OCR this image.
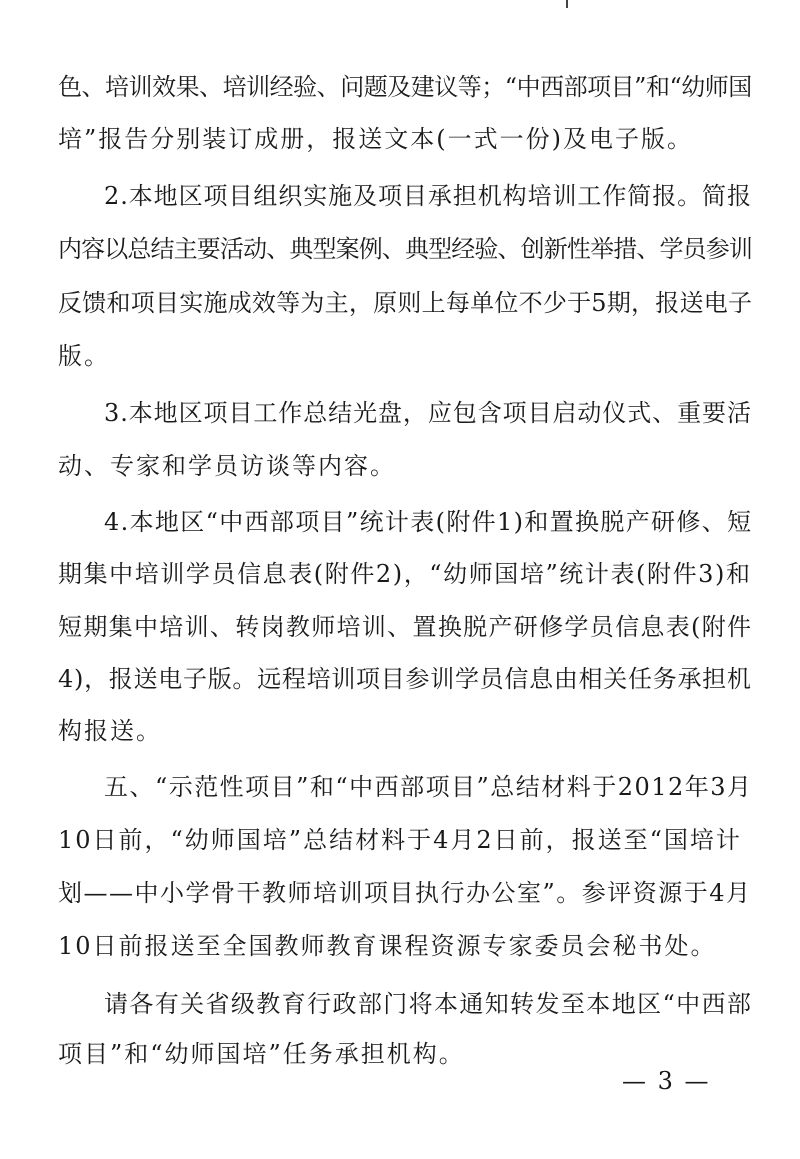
色、培训效果、培训经验、问题及建议等；“中西部项目”和“幼师国
培”报告分别装订成册，报送文本(一式一份)及电子版。
2.本地区项目组织实施及项目承担机构培训工作简报。简报
内容以总结主要活动、典型案例、典型经验、创新性举措、学员参训
反馈和项目实施成效等为主，原则上每单位不少于5期，报送电子
版。
3.本地区项目工作总结光盘，应包含项目启动仪式、重要活
动、专家和学员访谈等内容。
4.本地区“中西部项目”统计表(附件1)和置换脱产研修、短
期集中培训学员信息表(附件2)，“幼师国培”统计表(附件3)和
短期集中培训、转岗教师培训、置换脱产研修学员信息表(附件
4)，报送电子版。远程培训项目参训学员信息由相关任务承担机
构报送。
五、“示范性项目”和“中西部项目”总结材料于2012年3月
10日前，“幼师国培”总结材料于4月2日前，报送至“国培计
划——中小学骨干教师培训项目执行办公室”。参评资源于4月
10日前报送至全国教师教育课程资源专家委员会秘书处。
请各有关省级教育行政部门将本通知转发至本地区“中西部
项目”和“幼师国培”任务承担机构。
— 3 —
